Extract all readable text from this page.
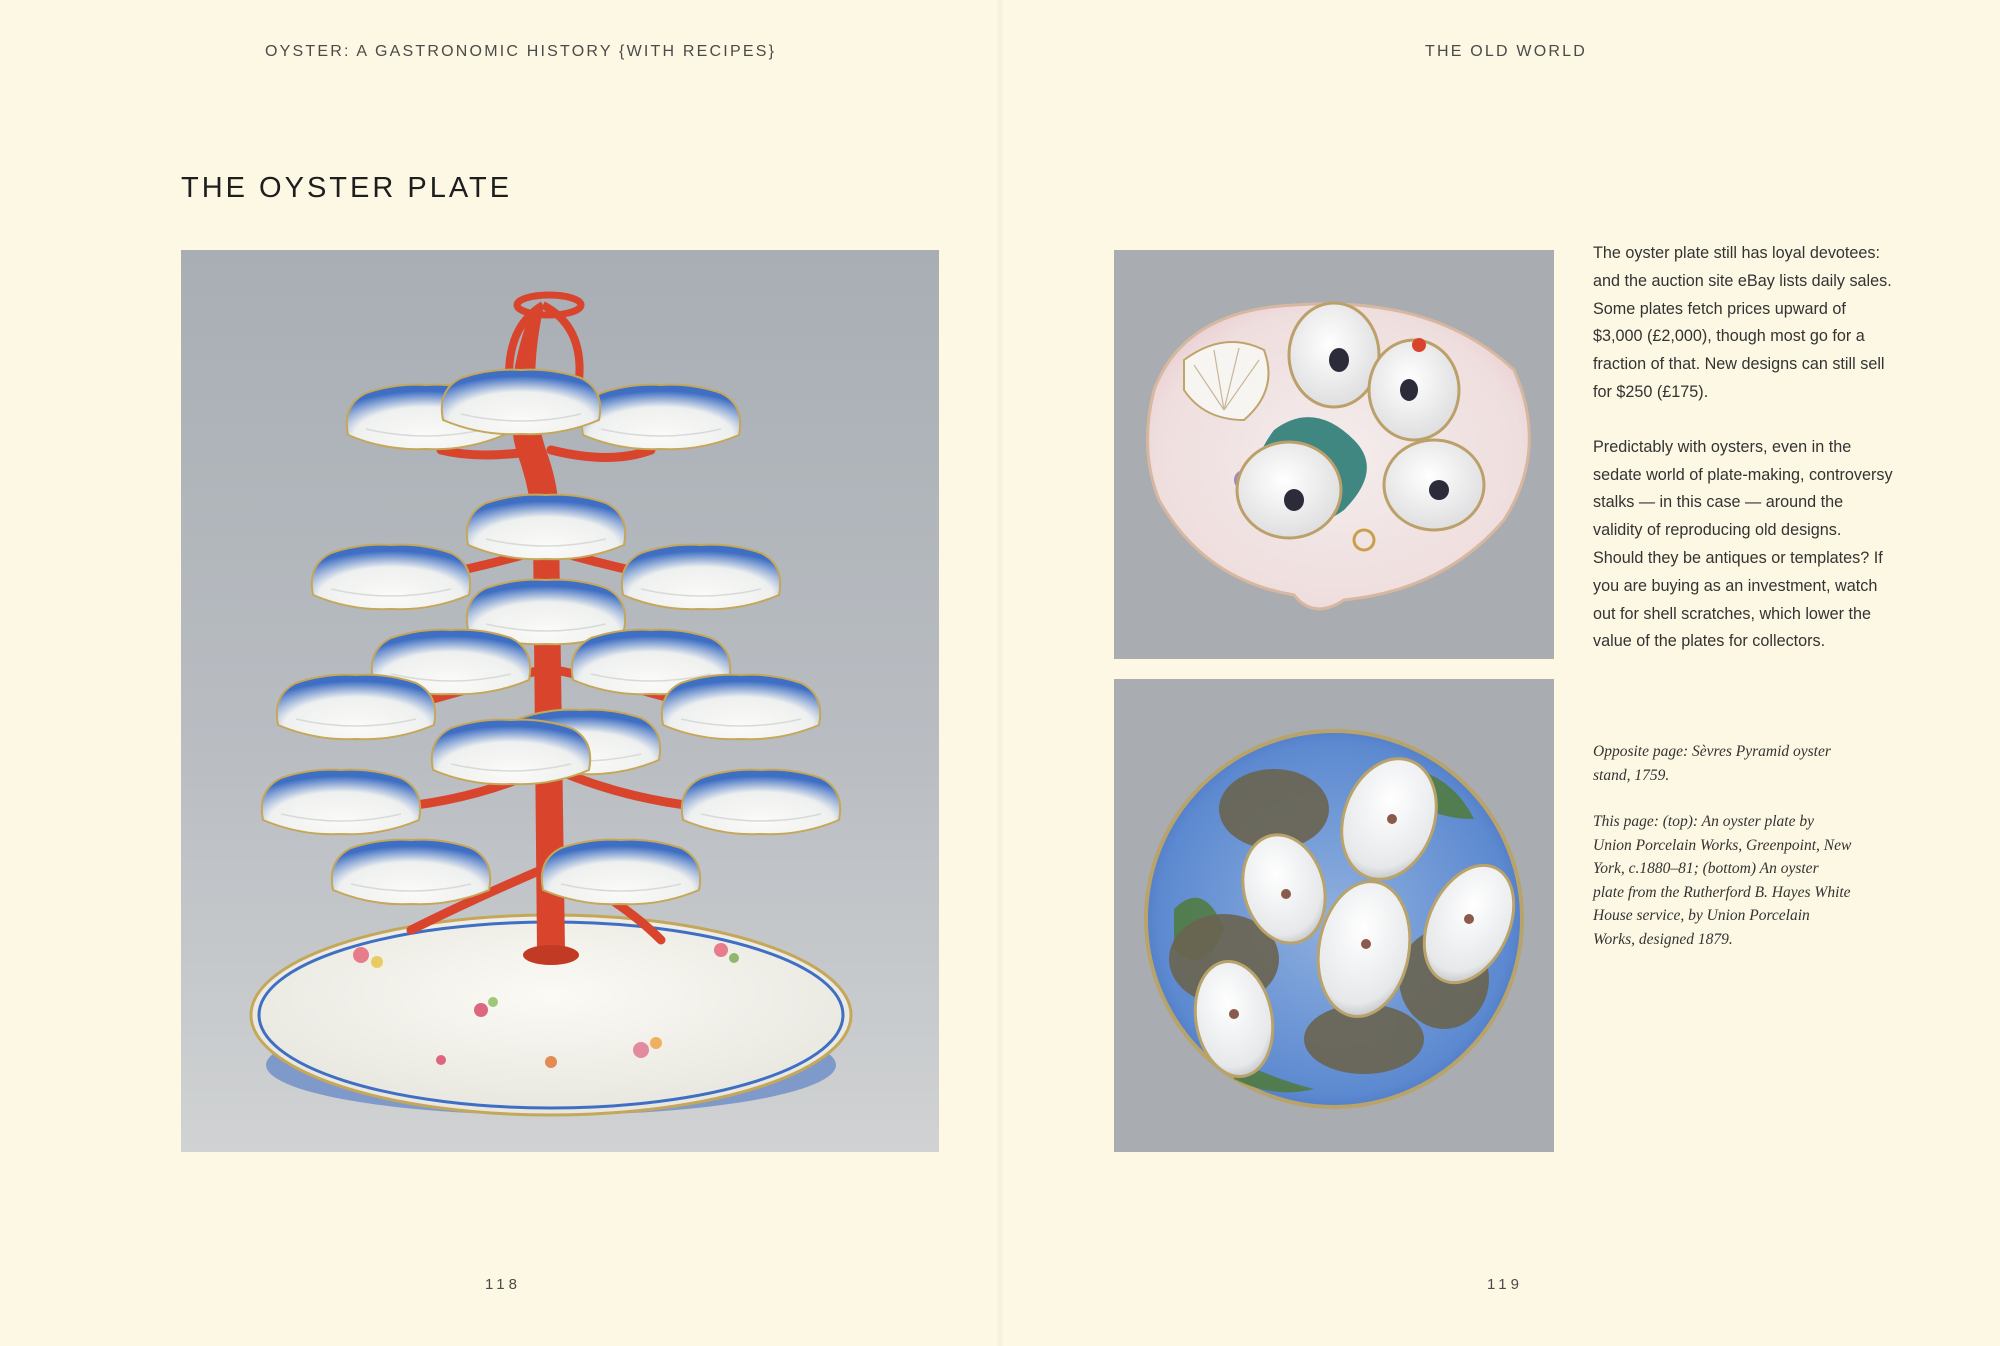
OYSTER: A GASTRONOMIC HISTORY {WITH RECIPES}
THE OYSTER PLATE
118
THE OLD WORLD

The oyster plate still has loyal devotees: and the auction site eBay lists daily sales. Some plates fetch prices upward of $3,000 (£2,000), though most go for a fraction of that. New designs can still sell for $250 (£175).

Predictably with oysters, even in the sedate world of plate-making, controversy stalks — in this case — around the validity of reproducing old designs. Should they be antiques or templates? If you are buying as an investment, watch out for shell scratches, which lower the value of the plates for collectors.

Opposite page: Sèvres Pyramid oyster stand, 1759.

This page: (top): An oyster plate by Union Porcelain Works, Greenpoint, New York, c.1880–81; (bottom) An oyster plate from the Rutherford B. Hayes White House service, by Union Porcelain Works, designed 1879.

119
